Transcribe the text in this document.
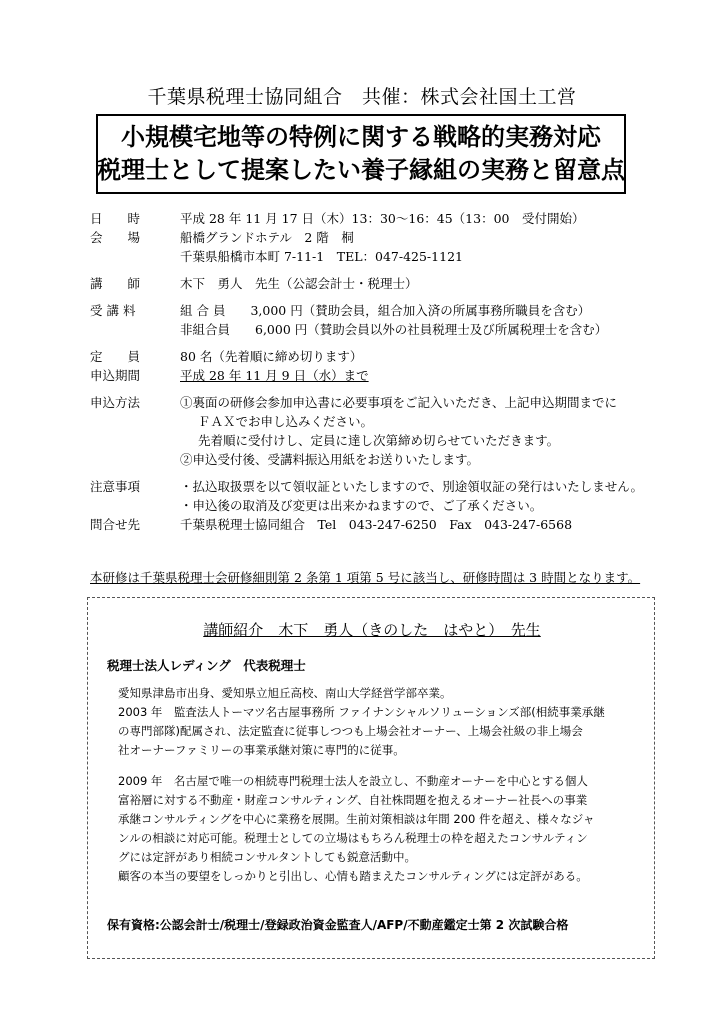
千葉県税理士協同組合　共催：株式会社国土工営
小規模宅地等の特例に関する戦略的実務対応
税理士として提案したい養子縁組の実務と留意点
日　　時	平成 28 年 11 月 17 日（木）13：30～16：45（13：00　受付開始）
会　　場	船橋グランドホテル　2 階　桐
千葉県船橋市本町 7-11-1　TEL：047-425-1121
講　　師	木下　勇人　先生（公認会計士・税理士）
受 講 料	組 合 員　　3,000 円（賛助会員，組合加入済の所属事務所職員を含む）
非組合員　　6,000 円（賛助会員以外の社員税理士及び所属税理士を含む）
定　　員	80 名（先着順に締め切ります）
申込期間	平成 28 年 11 月 9 日（水）まで
申込方法	①裏面の研修会参加申込書に必要事項をご記入いただき、上記申込期間までに
ＦＡＸでお申し込みください。
先着順に受付けし、定員に達し次第締め切らせていただきます。
②申込受付後、受講料振込用紙をお送りいたします。
注意事項	・払込取扱票を以て領収証といたしますので、別途領収証の発行はいたしません。
・申込後の取消及び変更は出来かねますので、ご了承ください。
問合せ先	千葉県税理士協同組合　Tel　043-247-6250　Fax　043-247-6568
本研修は千葉県税理士会研修細則第 2 条第 1 項第 5 号に該当し、研修時間は 3 時間となります。
講師紹介　木下　勇人（きのした　はやと）　先生
税理士法人レディング　代表税理士
愛知県津島市出身、愛知県立旭丘高校、南山大学経営学部卒業。
2003 年　監査法人トーマツ名古屋事務所 ファイナンシャルソリューションズ部(相続事業承継
の専門部隊)配属され、法定監査に従事しつつも上場会社オーナー、上場会社級の非上場会
社オーナーファミリーの事業承継対策に専門的に従事。
2009 年　名古屋で唯一の相続専門税理士法人を設立し、不動産オーナーを中心とする個人
富裕層に対する不動産・財産コンサルティング、自社株問題を抱えるオーナー社長への事業
承継コンサルティングを中心に業務を展開。生前対策相談は年間 200 件を超え、様々なジャ
ンルの相談に対応可能。税理士としての立場はもちろん税理士の枠を超えたコンサルティン
グには定評があり相続コンサルタントしても鋭意活動中。
顧客の本当の要望をしっかりと引出し、心情も踏まえたコンサルティングには定評がある。
保有資格:公認会計士/税理士/登録政治資金監査人/AFP/不動産鑑定士第 2 次試験合格
